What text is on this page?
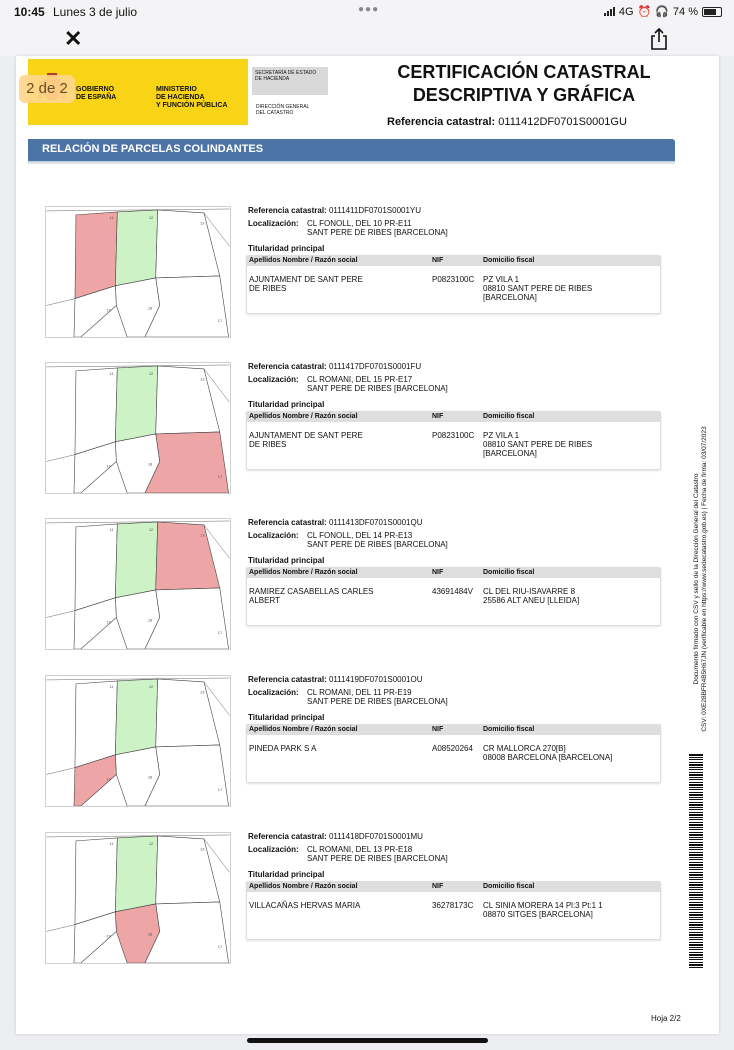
10:45 Lunes 3 de julio	●●●	4G ⏰ 🎧 74 %
✕
GOBIERNO
DE ESPAÑA
MINISTERIO
DE HACIENDA
Y FUNCIÓN PÚBLICA
SECRETARÍA DE ESTADO
DE HACIENDA
DIRECCIÓN GENERAL
DEL CATASTRO
2 de 2
CERTIFICACIÓN CATASTRAL
DESCRIPTIVA Y GRÁFICA
Referencia catastral: 0111412DF0701S0001GU
RELACIÓN DE PARCELAS COLINDANTES
11	12
13
19	18
17
Referencia catastral: 0111411DF0701S0001YU
Localización: CL FONOLL, DEL 10 PR-E11
SANT PERE DE RIBES [BARCELONA]
Titularidad principal
Apellidos Nombre / Razón social	NIF	Domicilio fiscal
AJUNTAMENT DE SANT PERE
DE RIBES
P0823100C PZ VILA 1
08810 SANT PERE DE RIBES
[BARCELONA]
11	12
13
19	18
17
Referencia catastral: 0111417DF0701S0001FU
Localización: CL ROMANI, DEL 15 PR-E17
SANT PERE DE RIBES [BARCELONA]
Titularidad principal
Apellidos Nombre / Razón social	NIF	Domicilio fiscal
AJUNTAMENT DE SANT PERE
DE RIBES
P0823100C PZ VILA 1
08810 SANT PERE DE RIBES
[BARCELONA]
11	12
13
19	18
17
Referencia catastral: 0111413DF0701S0001QU
Localización: CL FONOLL, DEL 14 PR-E13
SANT PERE DE RIBES [BARCELONA]
Titularidad principal
Apellidos Nombre / Razón social	NIF	Domicilio fiscal
RAMIREZ CASABELLAS CARLES
ALBERT
43691484V CL DEL RIU-ISAVARRE 8
25586 ALT ANEU [LLEIDA]
11	12
13
19	18
17
Referencia catastral: 0111419DF0701S0001OU
Localización: CL ROMANI, DEL 11 PR-E19
SANT PERE DE RIBES [BARCELONA]
Titularidad principal
Apellidos Nombre / Razón social	NIF	Domicilio fiscal
PINEDA PARK S A	A08520264 CR MALLORCA 270[B]
08008 BARCELONA [BARCELONA]
11	12
13
19	18
17
Referencia catastral: 0111418DF0701S0001MU
Localización: CL ROMANI, DEL 13 PR-E18
SANT PERE DE RIBES [BARCELONA]
Titularidad principal
Apellidos Nombre / Razón social	NIF	Domicilio fiscal
VILLACAÑAS HERVAS MARIA	36278173C CL SINIA MORERA 14 Pl:3 Pt:1 1
08870 SITGES [BARCELONA]
Documento firmado con CSV y sello de la Dirección General del Catastro CSV: 0XE28BFR4B5H67JN (verificable en https://www.sedecatastro.gob.es) | Fecha de firma: 03/07/2023
Hoja 2/2
